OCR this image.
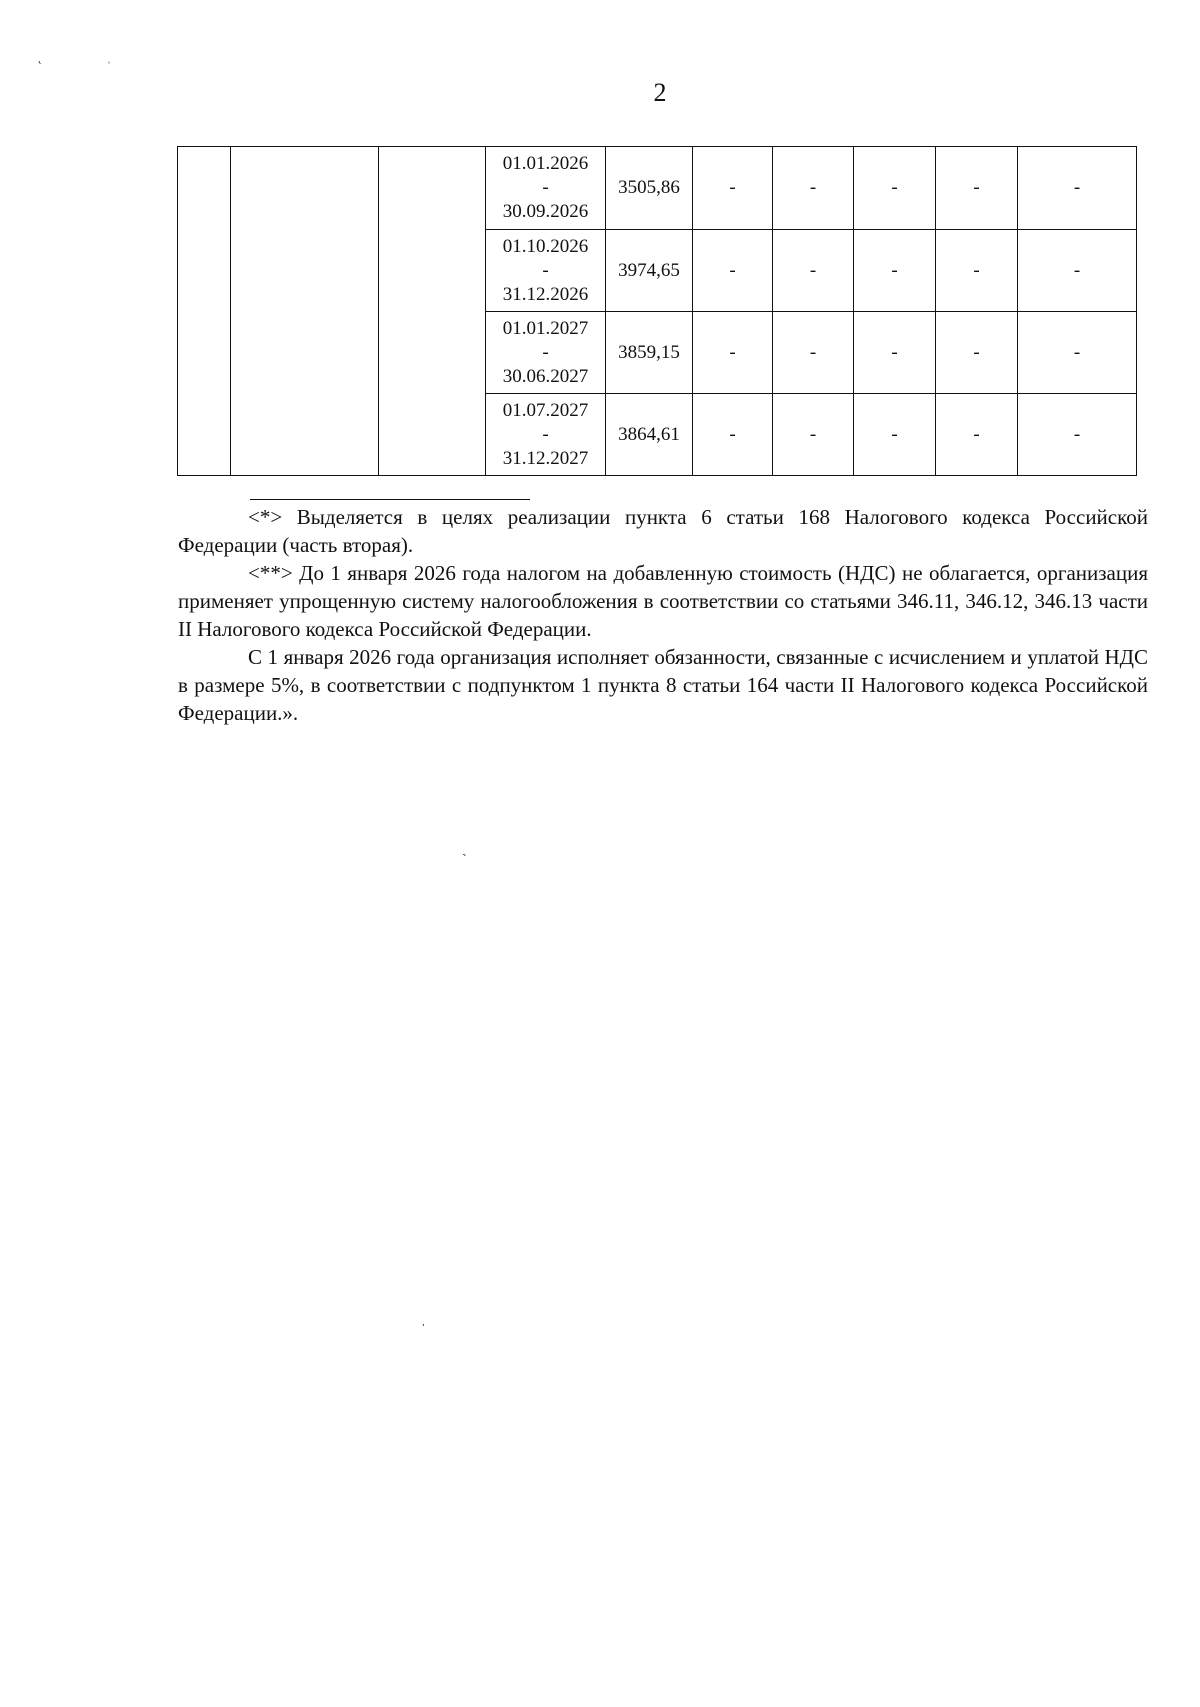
˛	ˌ
2

			01.01.2026
-
30.09.2026	3505,86	-	-	-	-	-

			01.10.2026
-
31.12.2026	3974,65	-	-	-	-	-

			01.01.2027
-
30.06.2027	3859,15	-	-	-	-	-

			01.07.2027
-
31.12.2027	3864,61	-	-	-	-	-

<*> Выделяется в целях реализации пункта 6 статьи 168 Налогового кодекса Российской Федерации (часть вторая).

<**> До 1 января 2026 года налогом на добавленную стоимость (НДС) не облагается, организация применяет упрощенную систему налогообложения в соответствии со статьями 346.11, 346.12, 346.13 части II Налогового кодекса Российской Федерации.

С 1 января 2026 года организация исполняет обязанности, связанные с исчислением и уплатой НДС в размере 5%, в соответствии с подпунктом 1 пункта 8 статьи 164 части II Налогового кодекса Российской Федерации.».

ˏ
ˌ
